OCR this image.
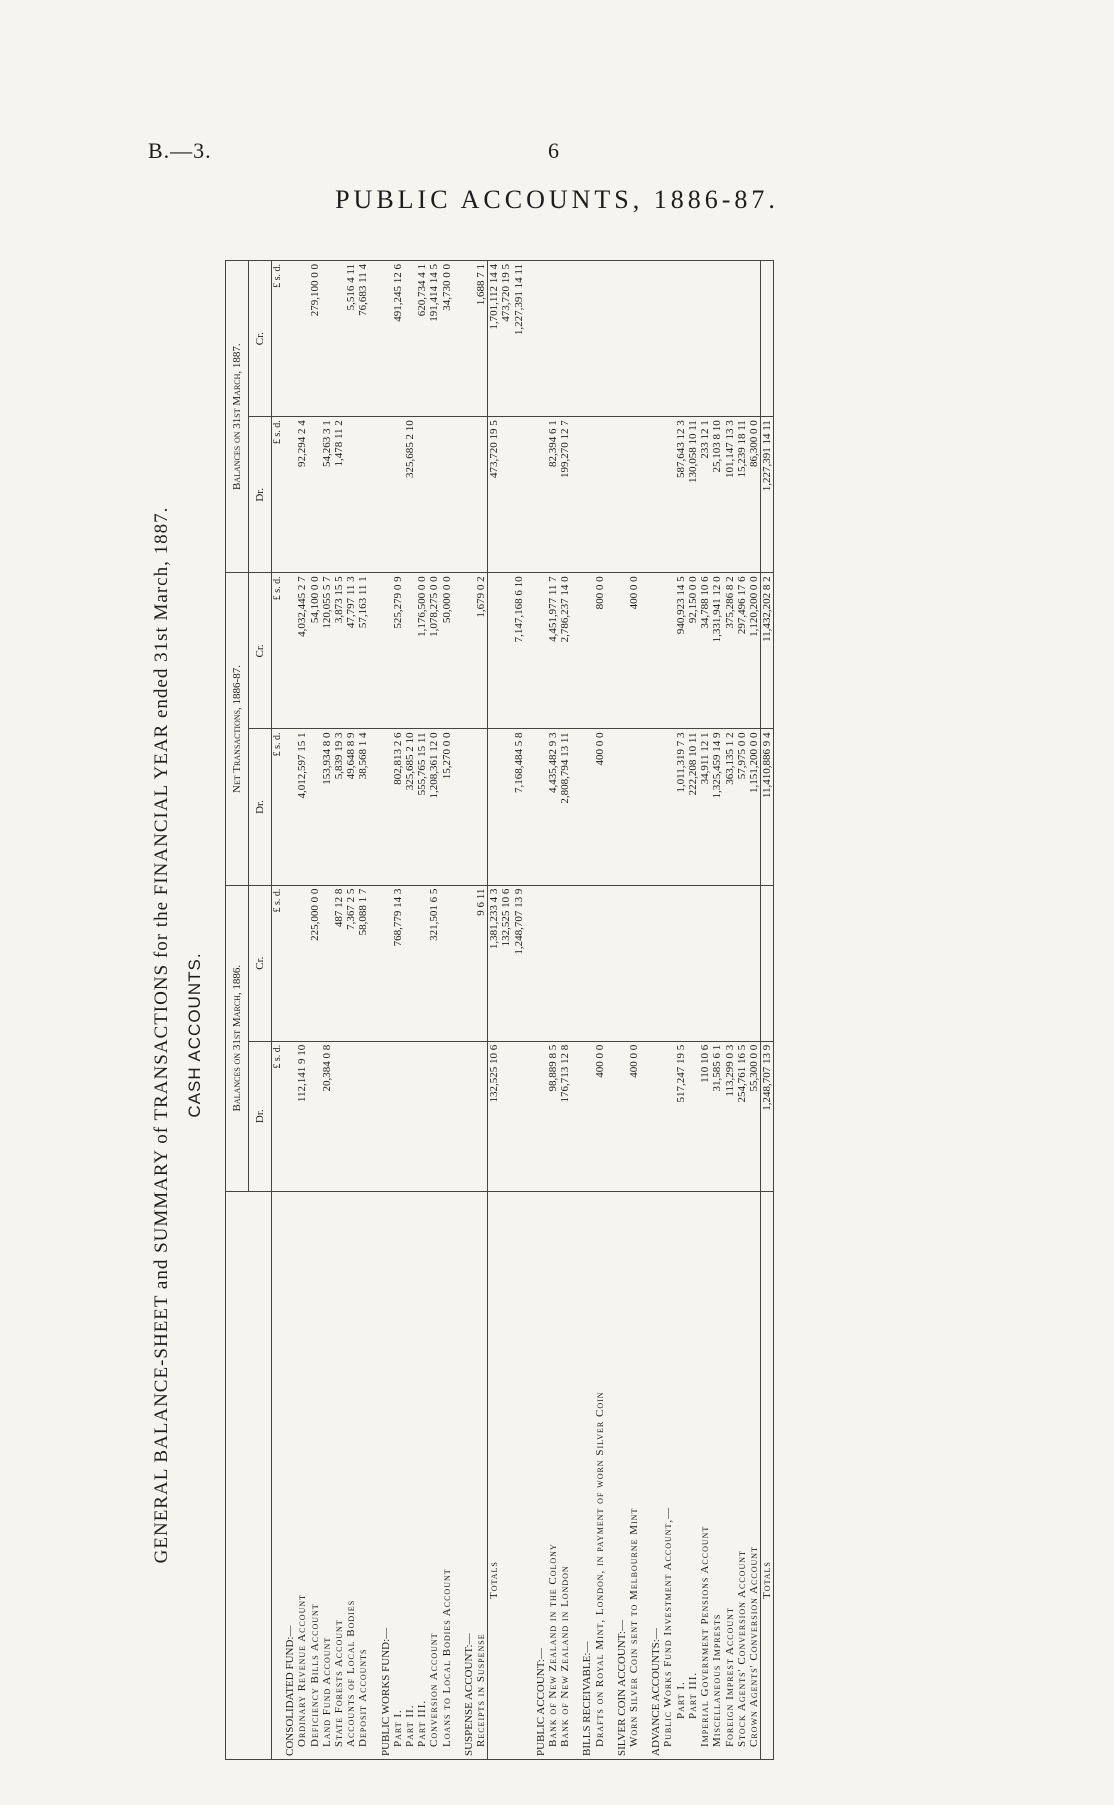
B.—3.	6
PUBLIC ACCOUNTS, 1886-87.
GENERAL BALANCE-SHEET and SUMMARY of TRANSACTIONS for the FINANCIAL YEAR ended 31st March, 1887. CASH ACCOUNTS.
	Balances on 31st March, 1886.		Net Transactions, 1886-87.		Balances on 31st March, 1887.	
	Dr.	Cr.	Dr.	Cr.	Dr.	Cr.
	£ s. d.	£ s. d.	£ s. d.	£ s. d.	£ s. d.	£ s. d.
CONSOLIDATED FUND:—						
Ordinary Revenue Account	112,141 9 10		4,012,597 15 1	4,032,445 2 7	92,294 2 4	
Deficiency Bills Account		225,000 0 0		54,100 0 0		279,100 0 0
Land Fund Account	20,384 0 8		153,934 8 0	120,055 5 7	54,263 3 1	
State Forests Account		487 12 8	5,839 19 3	3,873 15 5	1,478 11 2	
Accounts of Local Bodies		7,367 2 5	49,648 8 9	47,797 11 3		5,516 4 11
Deposit Accounts		58,088 1 7	38,568 1 4	57,163 11 1		76,683 11 4

PUBLIC WORKS FUND:—						
Part I.		768,779 14 3	802,813 2 6	525,279 0 9		491,245 12 6
Part II.			325,685 2 10		325,685 2 10	
Part III.			555,765 15 11	1,176,500 0 0		620,734 4 1
Conversion Account		321,501 6 5	1,208,361 12 0	1,078,275 0 0		191,414 14 5
Loans to Local Bodies Account			15,270 0 0	50,000 0 0		34,730 0 0

SUSPENSE ACCOUNT:—						
Receipts in Suspense		9 6 11		1,679 0 2		1,688 7 1
Totals	132,525 10 6	1,381,233 4 3			473,720 19 5	1,701,112 14 4
		132,525 10 6				473,720 19 5
		1,248,707 13 9	7,168,484 5 8	7,147,168 6 10		1,227,391 14 11

PUBLIC ACCOUNT:—						
Bank of New Zealand in the Colony	98,889 8 5		4,435,482 9 3	4,451,977 11 7	82,394 6 1	
Bank of New Zealand in London	176,713 12 8		2,808,794 13 11	2,786,237 14 0	199,270 12 7	

BILLS RECEIVABLE:—						
Drafts on Royal Mint, London, in payment of worn Silver Coin	400 0 0		400 0 0	800 0 0		

SILVER COIN ACCOUNT:—						
Worn Silver Coin sent to Melbourne Mint	400 0 0			400 0 0		

ADVANCE ACCOUNTS:—						
Public Works Fund Investment Account,—						
Part I.	517,247 19 5		1,011,319 7 3	940,923 14 5	587,643 12 3	
Part III.			222,208 10 11	92,150 0 0	130,058 10 11	
Imperial Government Pensions Account	110 10 6		34,911 12 1	34,788 10 6	233 12 1	
Miscellaneous Imprests	31,585 6 1		1,325,459 14 9	1,331,941 12 0	25,103 8 10	
Foreign Imprest Account	113,299 0 3		363,135 1 2	375,286 8 2	101,147 13 3	
Stock Agents' Conversion Account	254,761 16 5		57,975 0 0	297,496 17 6	15,239 18 11	
Crown Agents' Conversion Account	55,300 0 0		1,151,200 0 0	1,120,200 0 0	86,300 0 0	
Totals	1,248,707 13 9		11,410,886 9 4	11,432,202 8 2	1,227,391 14 11	
